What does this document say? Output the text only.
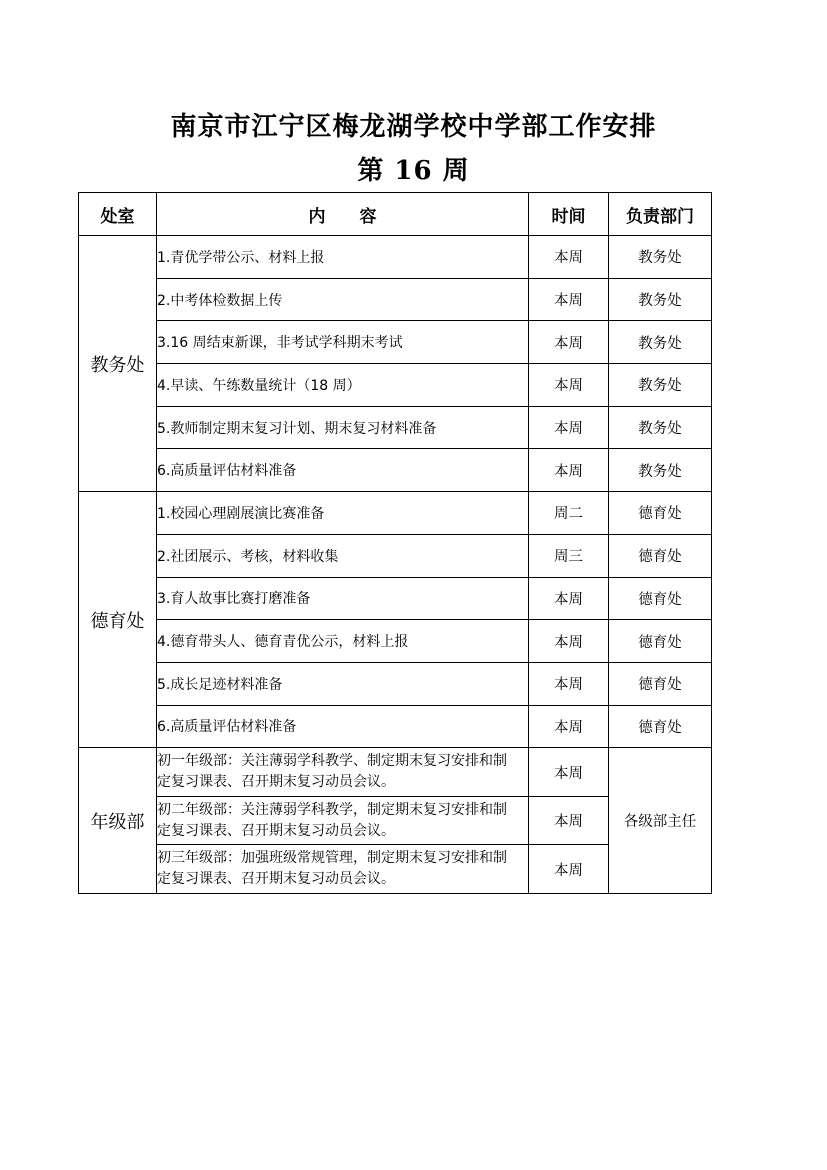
南京市江宁区梅龙湖学校中学部工作安排
第 16 周
处室	内 容	时间	负责部门
教务处	1.青优学带公示、材料上报	本周	教务处
	2.中考体检数据上传	本周	教务处
	3.16 周结束新课，非考试学科期末考试	本周	教务处
	4.早读、午练数量统计（18 周）	本周	教务处
	5.教师制定期末复习计划、期末复习材料准备	本周	教务处
	6.高质量评估材料准备	本周	教务处
德育处	1.校园心理剧展演比赛准备	周二	德育处
	2.社团展示、考核，材料收集	周三	德育处
	3.育人故事比赛打磨准备	本周	德育处
	4.德育带头人、德育青优公示，材料上报	本周	德育处
	5.成长足迹材料准备	本周	德育处
	6.高质量评估材料准备	本周	德育处
年级部	初一年级部：关注薄弱学科教学、制定期末复习安排和制定复习课表、召开期末复习动员会议。	本周	各级部主任
	初二年级部：关注薄弱学科教学，制定期末复习安排和制定复习课表、召开期末复习动员会议。	本周	
	初三年级部：加强班级常规管理，制定期末复习安排和制定复习课表、召开期末复习动员会议。	本周	
